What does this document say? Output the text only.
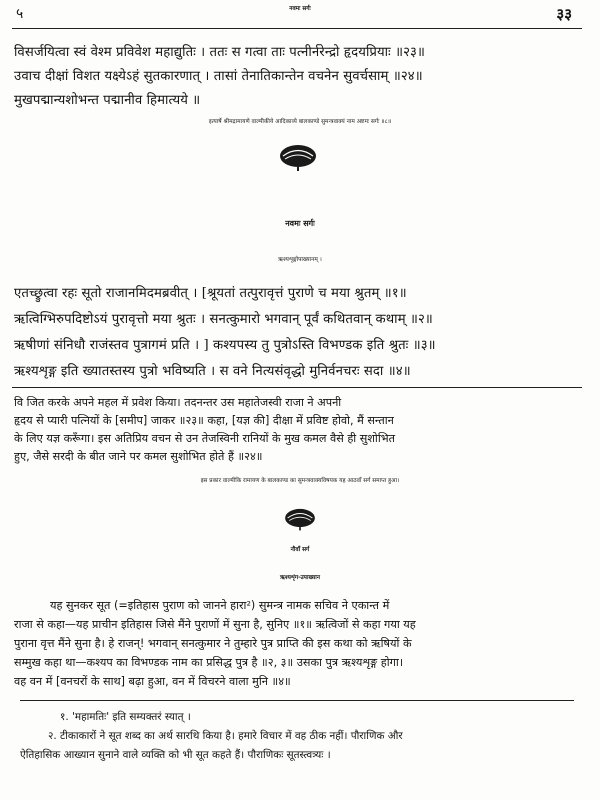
५	नवमः सर्गः	३३
विसर्जयित्वा स्वं वेश्म प्रविवेश महाद्युतिः । ततः स गत्वा ताः पत्नीर्नरेन्द्रो हृदयप्रियाः ॥२३॥
उवाच दीक्षां विशत यक्ष्येऽहं सुतकारणात् । तासां तेनातिकान्तेन वचनेन सुवर्चसाम् ॥२४॥
मुखपद्मान्यशोभन्त पद्मानीव हिमात्यये ॥
इत्यार्षे श्रीमद्रामायणे वाल्मीकीये आदिकाव्ये बालकाण्डे सुमन्त्रवाक्यं नाम अष्टमः सर्गः ॥८॥
नवमः सर्गः
ऋश्यशृङ्गोपाख्यानम् ।
एतच्छ्रुत्वा रहः सूतो राजानमिदमब्रवीत् । [श्रूयतां तत्पुरावृत्तं पुराणे च मया श्रुतम् ॥१॥
ऋत्विग्भिरुपदिष्टोऽयं पुरावृत्तो मया श्रुतः । सनत्कुमारो भगवान् पूर्वं कथितवान् कथाम् ॥२॥
ऋषीणां संनिधौ राजंस्तव पुत्रागमं प्रति । ] कश्यपस्य तु पुत्रोऽस्ति विभण्डक इति श्रुतः ॥३॥
ऋश्यशृङ्ग इति ख्यातस्तस्य पुत्रो भविष्यति । स वने नित्यसंवृद्धो मुनिर्वनचरः सदा ॥४॥
वि जित करके अपने महल में प्रवेश किया। तदनन्तर उस महातेजस्वी राजा ने अपनी
हृदय से प्यारी पत्नियों के [समीप] जाकर ॥२३॥ कहा, [यज्ञ की] दीक्षा में प्रविष्ट होवो, मैं सन्तान
के लिए यज्ञ करूँगा। इस अतिप्रिय वचन से उन तेजस्विनी रानियों के मुख कमल वैसे ही सुशोभित
हुए, जैसे सरदी के बीत जाने पर कमल सुशोभित होते हैं ॥२४॥
इस प्रकार वाल्मीकि रामायण के बालकाण्ड का सुमन्त्रवाक्यविषयक यह आठवाँ सर्ग समाप्त हुआ।
नौवाँ सर्ग
ऋश्यशृंग-उपाख्यान
यह सुनकर सूत (=इतिहास पुराण को जानने हारा²) सुमन्त्र नामक सचिव ने एकान्त में
राजा से कहा—यह प्राचीन इतिहास जिसे मैंने पुराणों में सुना है, सुनिए ॥१॥ ऋत्विजों से कहा गया यह
पुराना वृत्त मैंने सुना है। हे राजन्! भगवान् सनत्कुमार ने तुम्हारे पुत्र प्राप्ति की इस कथा को ऋषियों के
सम्मुख कहा था—कश्यप का विभण्डक नाम का प्रसिद्ध पुत्र है ॥२, ३॥ उसका पुत्र ऋश्यशृङ्ग होगा।
वह वन में [वनचरों के साथ] बढ़ा हुआ, वन में विचरने वाला मुनि ॥४॥
१. 'महामतिः' इति सम्यक्तरं स्यात् ।
२. टीकाकारों ने सूत शब्द का अर्थ सारथि किया है। हमारे विचार में वह ठीक नहीं। पौराणिक और
ऐतिहासिक आख्यान सुनाने वाले व्यक्ति को भी सूत कहते हैं। पौराणिकः सूतस्त्वत्र्यः ।
